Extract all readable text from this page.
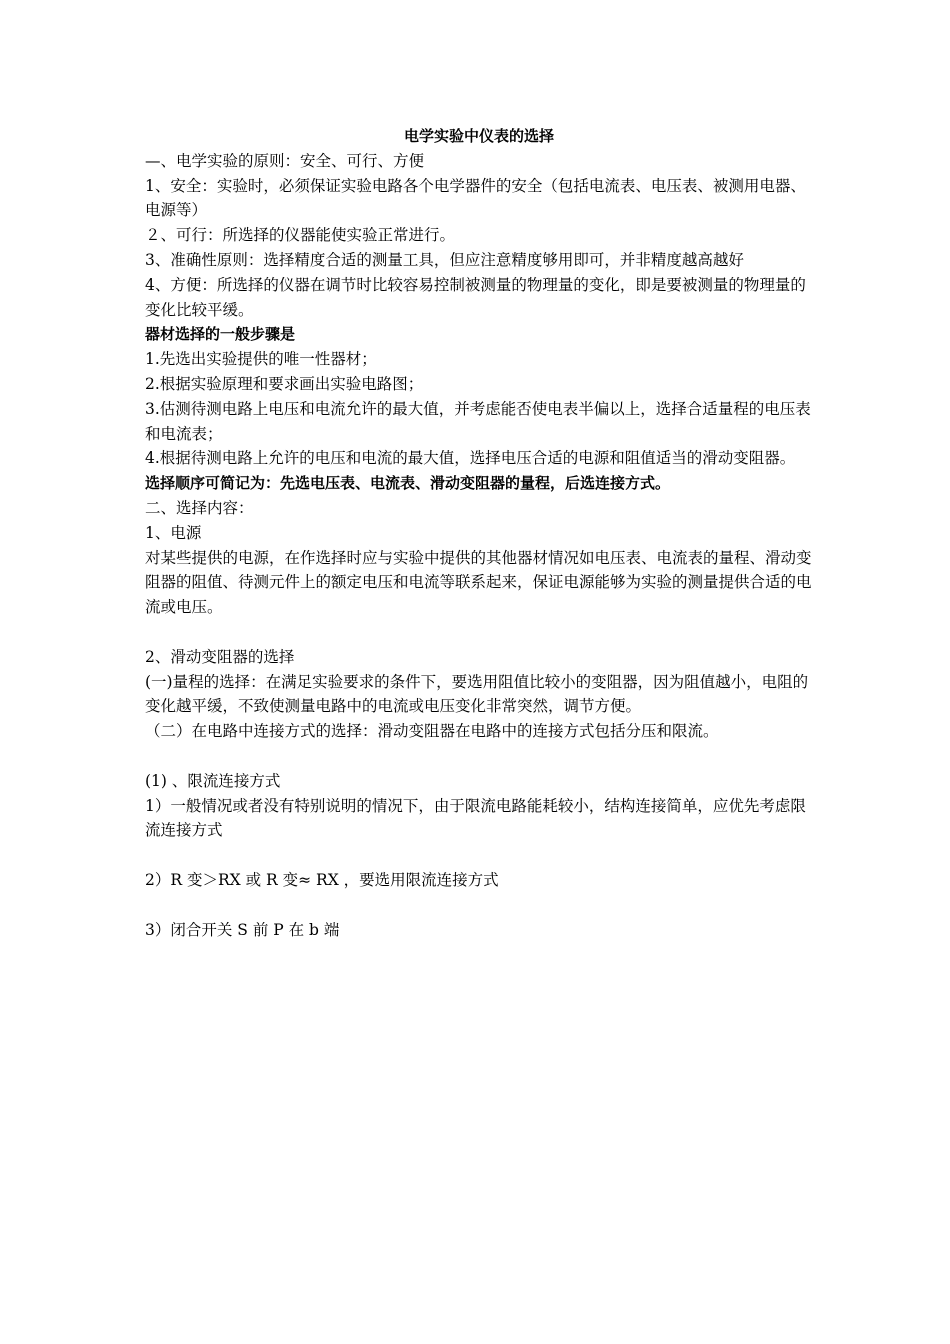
电学实验中仪表的选择

—、电学实验的原则：安全、可行、方便

1、安全：实验时，必须保证实验电路各个电学器件的安全（包括电流表、电压表、被测用电器、电源等）

２、可行：所选择的仪器能使实验正常进行。

3、准确性原则：选择精度合适的测量工具，但应注意精度够用即可，并非精度越高越好

4、方便：所选择的仪器在调节时比较容易控制被测量的物理量的变化，即是要被测量的物理量的变化比较平缓。

器材选择的一般步骤是

1.先选出实验提供的唯一性器材；

2.根据实验原理和要求画出实验电路图；

3.估测待测电路上电压和电流允许的最大值，并考虑能否使电表半偏以上，选择合适量程的电压表和电流表；

4.根据待测电路上允许的电压和电流的最大值，选择电压合适的电源和阻值适当的滑动变阻器。

选择顺序可简记为：先选电压表、电流表、滑动变阻器的量程，后选连接方式。

二、选择内容：

1、电源

对某些提供的电源，在作选择时应与实验中提供的其他器材情况如电压表、电流表的量程、滑动变阻器的阻值、待测元件上的额定电压和电流等联系起来，保证电源能够为实验的测量提供合适的电流或电压。

2、滑动变阻器的选择

(一)量程的选择：在满足实验要求的条件下，要选用阻值比较小的变阻器，因为阻值越小，电阻的变化越平缓，不致使测量电路中的电流或电压变化非常突然，调节方便。

（二）在电路中连接方式的选择：滑动变阻器在电路中的连接方式包括分压和限流。

(1) 、限流连接方式

1）一般情况或者没有特别说明的情况下，由于限流电路能耗较小，结构连接简单，应优先考虑限流连接方式

2）R 变＞RX 或 R 变≈ RX ，要选用限流连接方式

3）闭合开关 S 前 P 在 b 端
